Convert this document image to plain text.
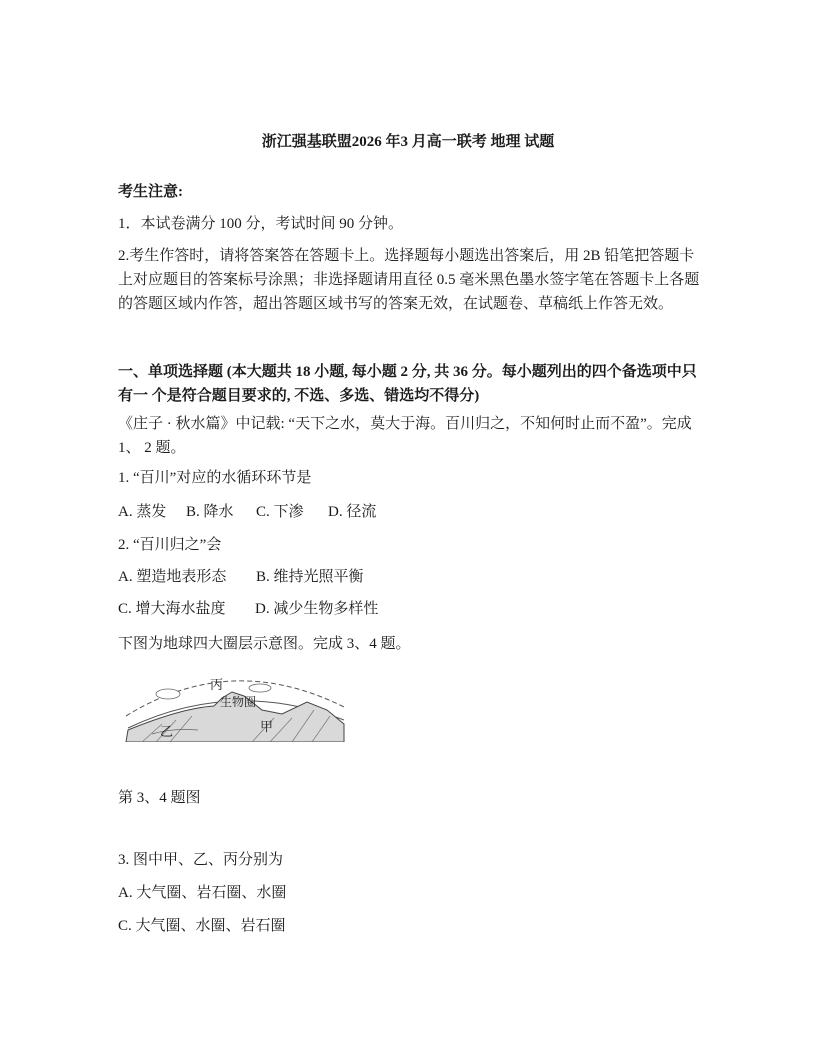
浙江强基联盟2026 年3 月高一联考 地理 试题
考生注意:
1．本试卷满分 100 分，考试时间 90 分钟。
2.考生作答时，请将答案答在答题卡上。选择题每小题选出答案后，用 2B 铅笔把答题卡上对应题目的答案标号涂黑；非选择题请用直径 0.5 毫米黑色墨水签字笔在答题卡上各题的答题区域内作答，超出答题区域书写的答案无效，在试题卷、草稿纸上作答无效。
一、单项选择题 (本大题共 18 小题, 每小题 2 分, 共 36 分。每小题列出的四个备选项中只有一 个是符合题目要求的, 不选、多选、错选均不得分)
《庄子 · 秋水篇》中记载: “天下之水，莫大于海。百川归之，不知何时止而不盈”。完成 1、 2 题。
1. “百川”对应的水循环环节是
A. 蒸发 B. 降水 C. 下渗 D. 径流
2. “百川归之”会
A. 塑造地表形态 B. 维持光照平衡
C. 增大海水盐度 D. 减少生物多样性
下图为地球四大圈层示意图。完成 3、4 题。
丙
生物圈
乙	甲
第 3、4 题图
3. 图中甲、乙、丙分别为
A. 大气圈、岩石圈、水圈
C. 大气圈、水圈、岩石圈
